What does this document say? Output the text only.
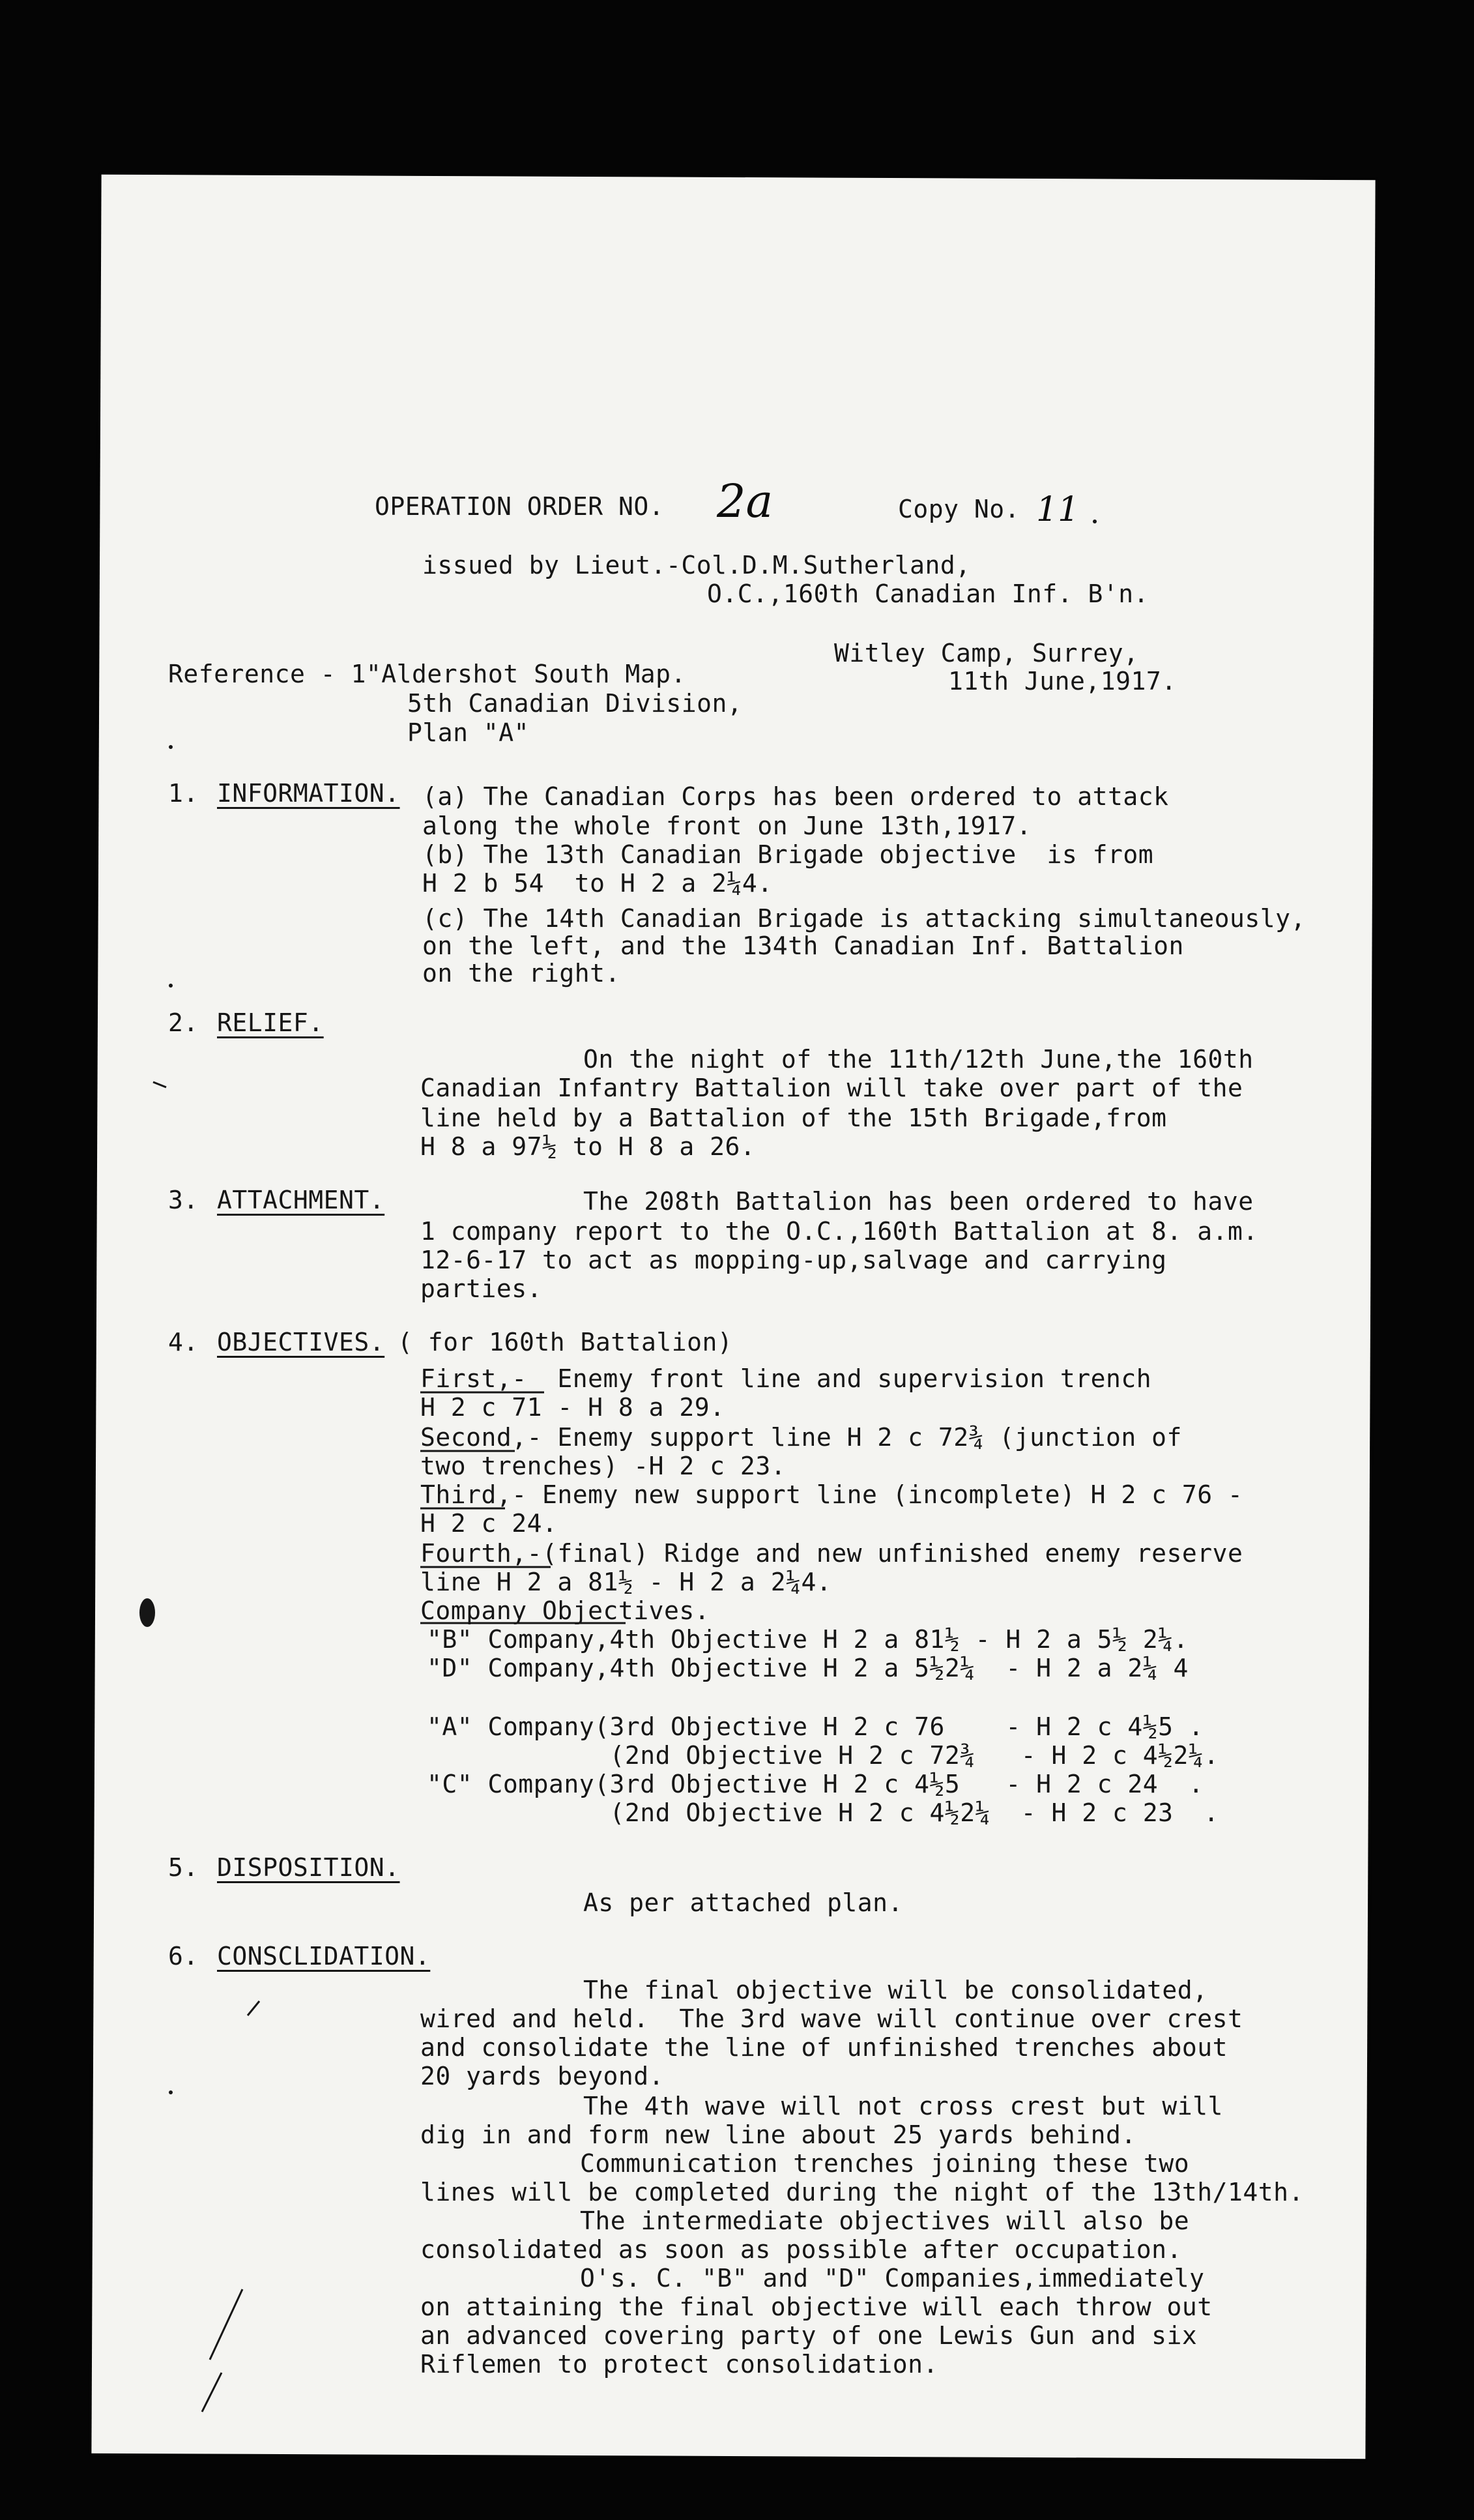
OPERATION ORDER NO. 2a	Copy No. 11
issued by Lieut.-Col.D.M.Sutherland,
O.C.,160th Canadian Inf. B'n.
Witley Camp, Surrey,
11th June,1917.
Reference - 1"Aldershot South Map.
5th Canadian Division,
Plan "A"
1. INFORMATION. (a) The Canadian Corps has been ordered to attack
along the whole front on June 13th,1917.
(b) The 13th Canadian Brigade objective  is from
H 2 b 54  to H 2 a 2¼4.
(c) The 14th Canadian Brigade is attacking simultaneously,
on the left, and the 134th Canadian Inf. Battalion
on the right.
2. RELIEF.
On the night of the 11th/12th June,the 160th
Canadian Infantry Battalion will take over part of the
line held by a Battalion of the 15th Brigade,from
H 8 a 97½ to H 8 a 26.
3. ATTACHMENT.	The 208th Battalion has been ordered to have
1 company report to the O.C.,160th Battalion at 8. a.m.
12-6-17 to act as mopping-up,salvage and carrying
parties.
4. OBJECTIVES. ( for 160th Battalion)
First,-  Enemy front line and supervision trench
H 2 c 71 - H 8 a 29.
Second,- Enemy support line H 2 c 72¾ (junction of
two trenches) -H 2 c 23.
Third,- Enemy new support line (incomplete) H 2 c 76 -
H 2 c 24.
Fourth,-(final) Ridge and new unfinished enemy reserve
line H 2 a 81½ - H 2 a 2¼4.
Company Objectives.
"B" Company,4th Objective H 2 a 81½ - H 2 a 5½ 2¼.
"D" Company,4th Objective H 2 a 5½2¼  - H 2 a 2¼ 4
"A" Company(3rd Objective H 2 c 76    - H 2 c 4½5 .
(2nd Objective H 2 c 72¾   - H 2 c 4½2¼.
"C" Company(3rd Objective H 2 c 4½5   - H 2 c 24  .
(2nd Objective H 2 c 4½2¼  - H 2 c 23  .
5. DISPOSITION.
As per attached plan.
6. CONSCLIDATION.
The final objective will be consolidated,
wired and held.  The 3rd wave will continue over crest
and consolidate the line of unfinished trenches about
20 yards beyond.
The 4th wave will not cross crest but will
dig in and form new line about 25 yards behind.
Communication trenches joining these two
lines will be completed during the night of the 13th/14th.
The intermediate objectives will also be
consolidated as soon as possible after occupation.
O's. C. "B" and "D" Companies,immediately
on attaining the final objective will each throw out
an advanced covering party of one Lewis Gun and six
Riflemen to protect consolidation.
